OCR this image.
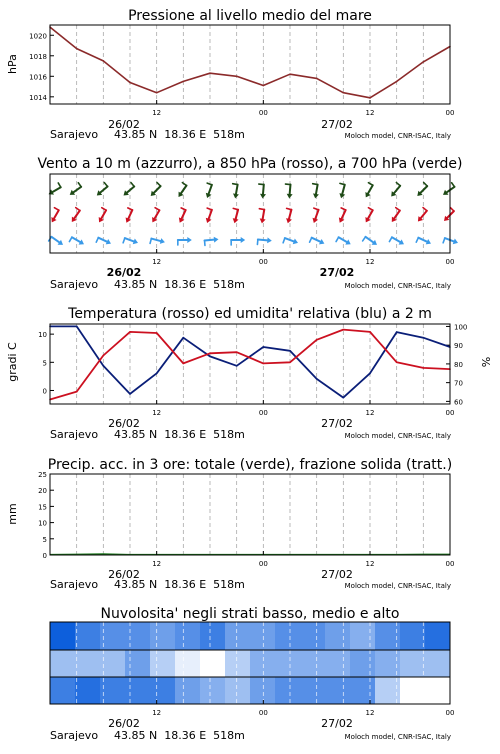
Pressione al livello medio del mare
hPa
1014
1016
1018
1020
12	00	12	00
26/02	27/02
Sarajevo 43.85 N  18.36 E  518m	Moloch model, CNR-ISAC, Italy
Vento a 10 m (azzurro), a 850 hPa (rosso), a 700 hPa (verde)
12	00	12	00
26/02	27/02
Sarajevo 43.85 N  18.36 E  518m	Moloch model, CNR-ISAC, Italy
Temperatura (rosso) ed umidita' relativa (blu) a 2 m
gradi C	%
0
5
10
60
70
80
90
100
12	00	12	00
26/02	27/02
Sarajevo 43.85 N  18.36 E  518m	Moloch model, CNR-ISAC, Italy
Precip. acc. in 3 ore: totale (verde), frazione solida (tratt.)
mm
0
5
10
15
20
25
12	00	12	00
26/02	27/02
Sarajevo 43.85 N  18.36 E  518m	Moloch model, CNR-ISAC, Italy
Nuvolosita' negli strati basso, medio e alto
12	00	12	00
26/02	27/02
Sarajevo 43.85 N  18.36 E  518m	Moloch model, CNR-ISAC, Italy
